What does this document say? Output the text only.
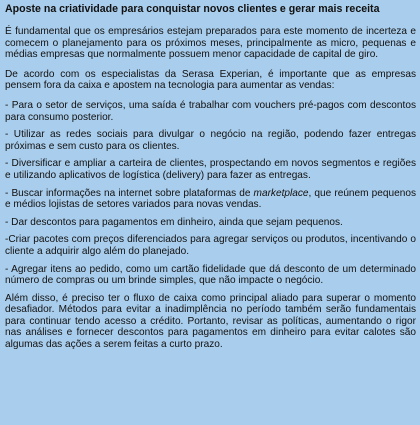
Aposte na criatividade para conquistar novos clientes e gerar mais receita
É fundamental que os empresários estejam preparados para este momento de incerteza e comecem o planejamento para os próximos meses, principalmente as micro, pequenas e médias empresas que normalmente possuem menor capacidade de capital de giro.
De acordo com os especialistas da Serasa Experian, é importante que as empresas pensem fora da caixa e apostem na tecnologia para aumentar as vendas:
- Para o setor de serviços, uma saída é trabalhar com vouchers pré-pagos com descontos para consumo posterior.
- Utilizar as redes sociais para divulgar o negócio na região, podendo fazer entregas próximas e sem custo para os clientes.
- Diversificar e ampliar a carteira de clientes, prospectando em novos segmentos e regiões e utilizando aplicativos de logística (delivery) para fazer as entregas.
- Buscar informações na internet sobre plataformas de marketplace, que reúnem pequenos e médios lojistas de setores variados para novas vendas.
- Dar descontos para pagamentos em dinheiro, ainda que sejam pequenos.
-Criar pacotes com preços diferenciados para agregar serviços ou produtos, incentivando o cliente a adquirir algo além do planejado.
- Agregar itens ao pedido, como um cartão fidelidade que dá desconto de um determinado número de compras ou um brinde simples, que não impacte o negócio.
Além disso, é preciso ter o fluxo de caixa como principal aliado para superar o momento desafiador. Métodos para evitar a inadimplência no período também serão fundamentais para continuar tendo acesso a crédito. Portanto, revisar as políticas, aumentando o rigor nas análises e fornecer descontos para pagamentos em dinheiro para evitar calotes são algumas das ações a serem feitas a curto prazo.
